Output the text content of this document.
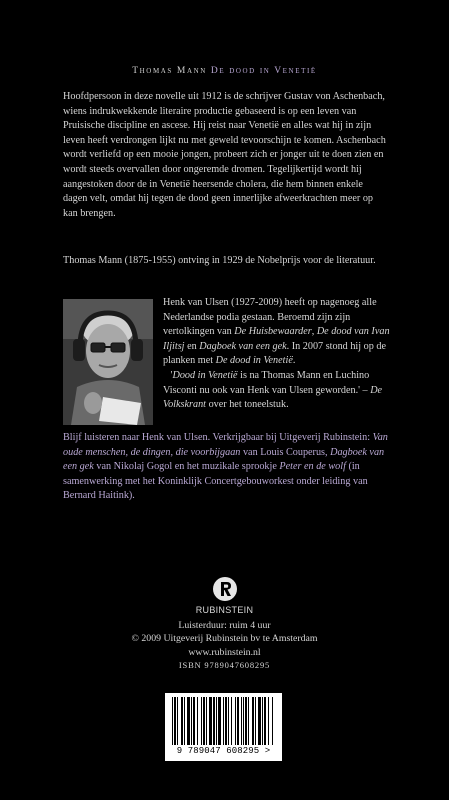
Thomas Mann De dood in Venetië

Hoofdpersoon in deze novelle uit 1912 is de schrijver Gustav von Aschenbach, wiens indrukwekkende literaire productie gebaseerd is op een leven van Pruisische discipline en ascese. Hij reist naar Venetië en alles wat hij in zijn leven heeft verdrongen lijkt nu met geweld tevoorschijn te komen. Aschenbach wordt verliefd op een mooie jongen, probeert zich er jonger uit te doen zien en wordt steeds overvallen door ongeremde dromen. Tegelijkertijd wordt hij aangestoken door de in Venetië heersende cholera, die hem binnen enkele dagen velt, omdat hij tegen de dood geen innerlijke afweerkrachten meer op kan brengen.

Thomas Mann (1875-1955) ontving in 1929 de Nobelprijs voor de literatuur.

Henk van Ulsen (1927-2009) heeft op nagenoeg alle Nederlandse podia gestaan. Beroemd zijn zijn vertolkingen van De Huisbewaarder, De dood van Ivan Iljitsj en Dagboek van een gek. In 2007 stond hij op de planken met De dood in Venetië.
'Dood in Venetië is na Thomas Mann en Luchino Visconti nu ook van Henk van Ulsen geworden.' – De Volkskrant over het toneelstuk.

Blijf luisteren naar Henk van Ulsen. Verkrijgbaar bij Uitgeverij Rubinstein: Van oude menschen, de dingen, die voorbijgaan van Louis Couperus, Dagboek van een gek van Nikolaj Gogol en het muzikale sprookje Peter en de wolf (in samenwerking met het Koninklijk Concertgebouworkest onder leiding van Bernard Haitink).

RUBINSTEIN
Luisterduur: ruim 4 uur
© 2009 Uitgeverij Rubinstein bv te Amsterdam
www.rubinstein.nl
ISBN 9789047608295
9 789047 608295 >
